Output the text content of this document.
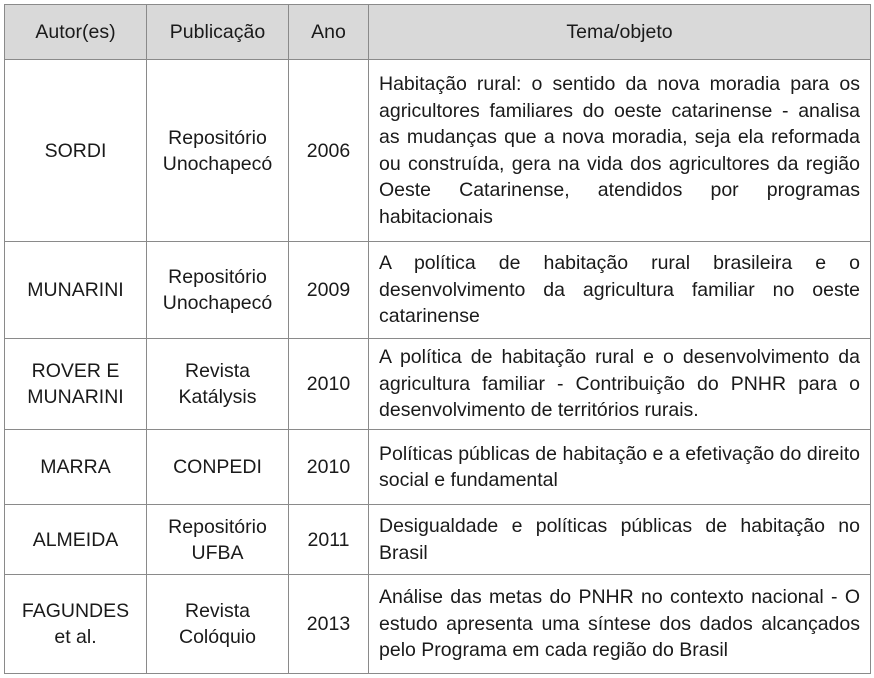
Autor(es)	Publicação	Ano	Tema/objeto
SORDI	Repositório Unochapecó	2006	Habitação rural: o sentido da nova moradia para os agricultores familiares do oeste catarinense - analisa as mudanças que a nova moradia, seja ela reformada ou construída, gera na vida dos agricultores da região Oeste Catarinense, atendidos por programas habitacionais
MUNARINI	Repositório Unochapecó	2009	A política de habitação rural brasileira e o desenvolvimento da agricultura familiar no oeste catarinense
ROVER E MUNARINI	Revista Katálysis	2010	A política de habitação rural e o desenvolvimento da agricultura familiar - Contribuição do PNHR para o desenvolvimento de territórios rurais.
MARRA	CONPEDI	2010	Políticas públicas de habitação e a efetivação do direito social e fundamental
ALMEIDA	Repositório UFBA	2011	Desigualdade e políticas públicas de habitação no Brasil
FAGUNDES et al.	Revista Colóquio	2013	Análise das metas do PNHR no contexto nacional - O estudo apresenta uma síntese dos dados alcançados pelo Programa em cada região do Brasil
